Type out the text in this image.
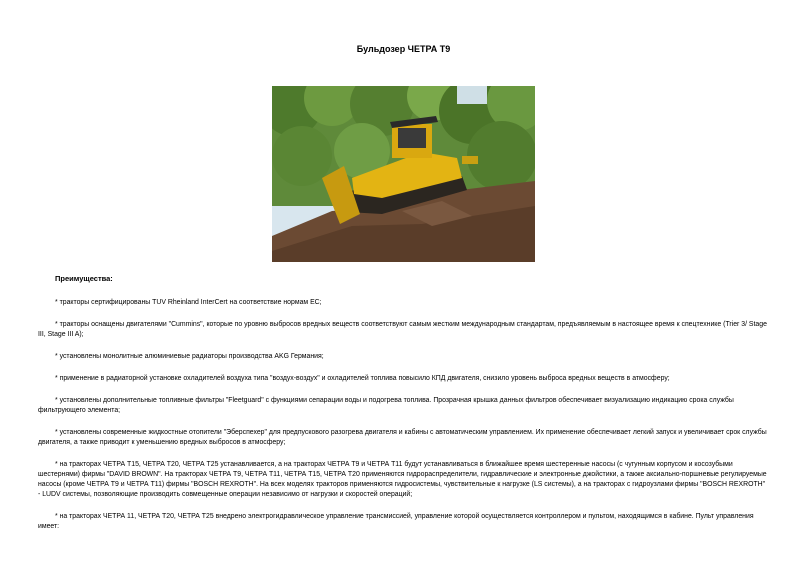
Бульдозер ЧЕТРА Т9
Преимущества:
* тракторы сертифицированы TUV Rheinland InterCert на соответствие нормам ЕС;
* тракторы оснащены двигателями "Cummins", которые по уровню выбросов вредных веществ соответствуют самым жестким международным стандартам, предъявляемым в настоящее время к спецтехнике (Trier 3/ Stage III, Stage III A);
* установлены монолитные алюминиевые радиаторы производства AKG Германия;
* применение в радиаторной установке охладителей воздуха типа "воздух-воздух" и охладителей топлива повысило КПД двигателя, снизило уровень выброса вредных веществ в атмосферу;
* установлены дополнительные топливные фильтры "Fleetguard" с функциями сепарации воды и подогрева топлива. Прозрачная крышка данных фильтров обеспечивает визуализацию индикацию срока службы фильтрующего элемента;
* установлены современные жидкостные отопители "Эберспехер" для предпускового разогрева двигателя и кабины с автоматическим управлением. Их применение обеспечивает легкий запуск и увеличивает срок службы двигателя, а также приводит к уменьшению вредных выбросов в атмосферу;
* на тракторах ЧЕТРА Т15, ЧЕТРА Т20, ЧЕТРА Т25 устанавливается, а на тракторах ЧЕТРА Т9 и ЧЕТРА Т11 будут устанавливаться в ближайшее время шестеренные насосы (с чугунным корпусом и косозубыми шестернями) фирмы "DAVID BROWN". На тракторах ЧЕТРА Т9, ЧЕТРА Т11, ЧЕТРА Т15, ЧЕТРА Т20 применяются гидрораспределители, гидравлические и электронные джойстики, а также аксиально-поршневые регулируемые насосы (кроме ЧЕТРА Т9 и ЧЕТРА Т11) фирмы "BOSCH REXROTH". На всех моделях тракторов применяются гидросистемы, чувствительные к нагрузке (LS системы), а на тракторах с гидроузлами фирмы "BOSCH REXROTH" - LUDV системы, позволяющие производить совмещенные операции независимо от нагрузки и скоростей операций;
* на тракторах ЧЕТРА 11, ЧЕТРА Т20, ЧЕТРА Т25 внедрено электрогидравлическое управление трансмиссией, управление которой осуществляется контроллером и пультом, находящимся в кабине. Пульт управления имеет:
